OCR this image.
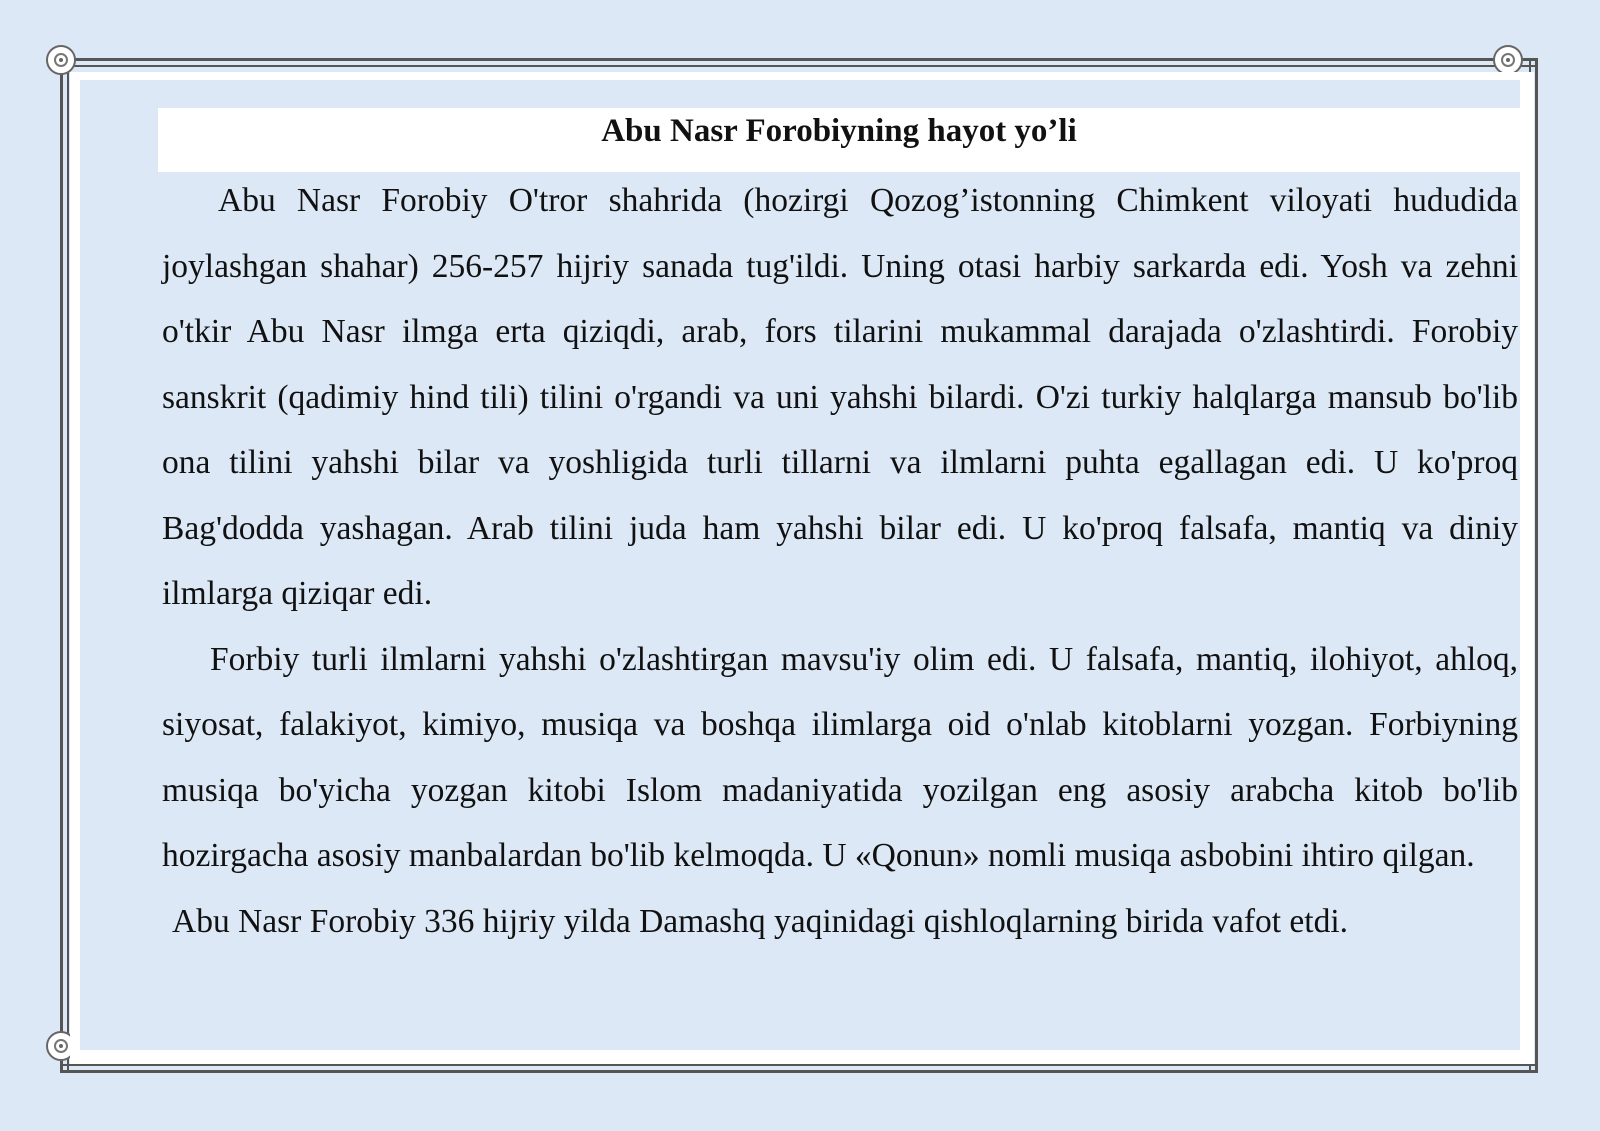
Abu Nasr Forobiyning hayot yo’li

Abu Nasr Forobiy O'tror shahrida (hozirgi Qozog’istonning Chimkent viloyati hududida joylashgan shahar) 256-257 hijriy sanada tug'ildi. Uning otasi harbiy sarkarda edi. Yosh va zehni o'tkir Abu Nasr ilmga erta qiziqdi, arab, fors tilarini mukammal darajada o'zlashtirdi. Forobiy sanskrit (qadimiy hind tili) tilini o'rgandi va uni yahshi bilardi. O'zi turkiy halqlarga mansub bo'lib ona tilini yahshi bilar va yoshligida turli tillarni va ilmlarni puhta egallagan edi. U ko'proq Bag'dodda yashagan. Arab tilini juda ham yahshi bilar edi. U ko'proq falsafa, mantiq va diniy ilmlarga qiziqar edi.

Forbiy turli ilmlarni yahshi o'zlashtirgan mavsu'iy olim edi. U falsafa, mantiq, ilohiyot, ahloq, siyosat, falakiyot, kimiyo, musiqa va boshqa ilimlarga oid o'nlab kitoblarni yozgan. Forbiyning musiqa bo'yicha yozgan kitobi Islom madaniyatida yozilgan eng asosiy arabcha kitob bo'lib hozirgacha asosiy manbalardan bo'lib kelmoqda. U «Qonun» nomli musiqa asbobini ihtiro qilgan.

Abu Nasr Forobiy 336 hijriy yilda Damashq yaqinidagi qishloqlarning birida vafot etdi.
